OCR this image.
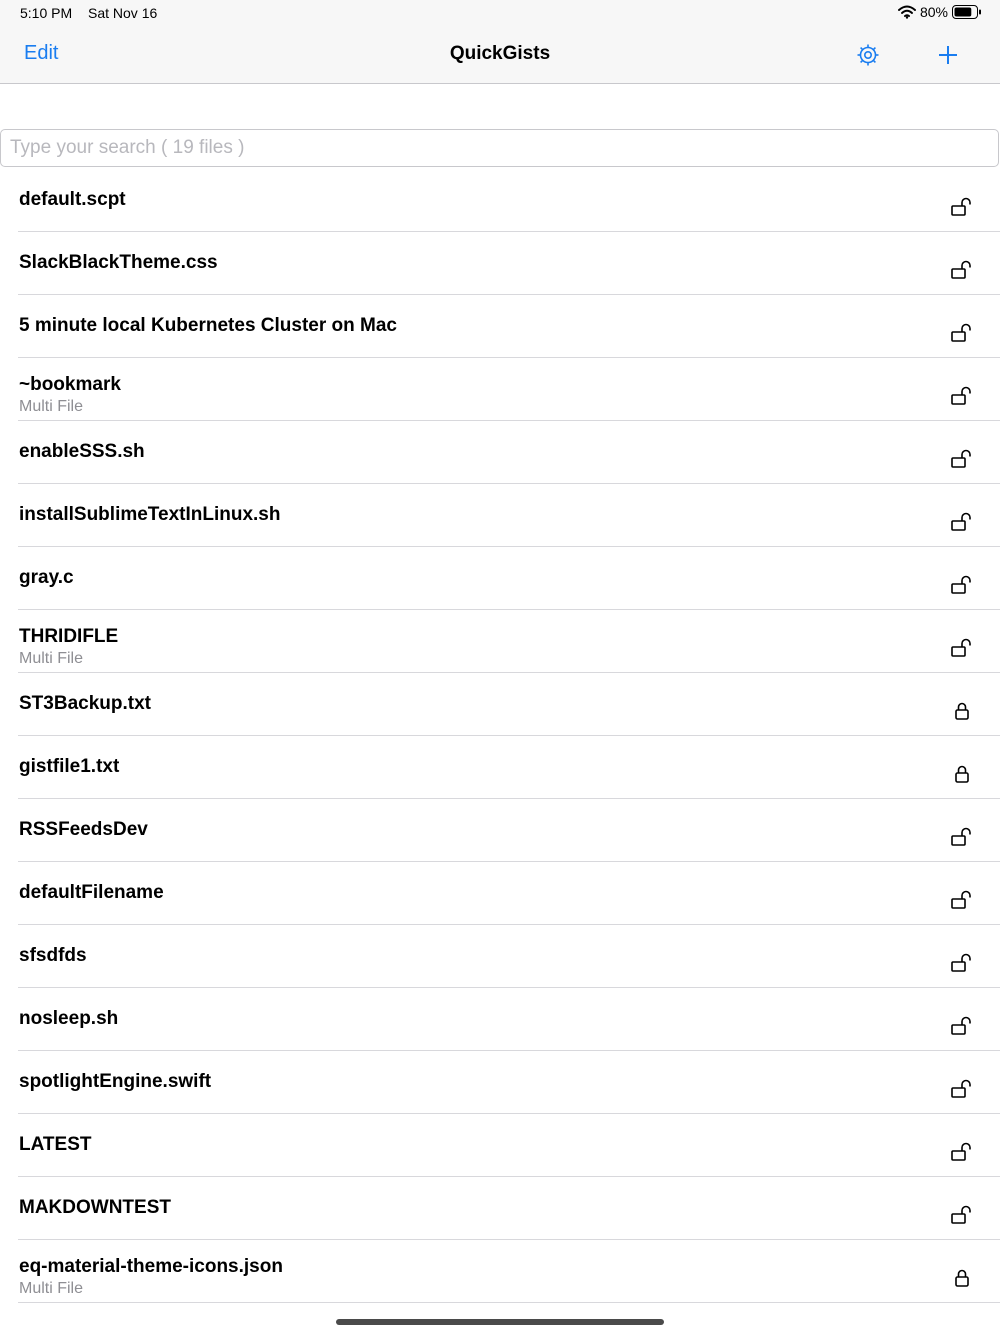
5:10 PM Sat Nov 16	80%
Edit	QuickGists
Type your search ( 19 files )
default.scpt
SlackBlackTheme.css
5 minute local Kubernetes Cluster on Mac
~bookmark
Multi File
enableSSS.sh
installSublimeTextInLinux.sh
gray.c
THRIDIFLE
Multi File
ST3Backup.txt
gistfile1.txt
RSSFeedsDev
defaultFilename
sfsdfds
nosleep.sh
spotlightEngine.swift
LATEST
MAKDOWNTEST
eq-material-theme-icons.json
Multi File
